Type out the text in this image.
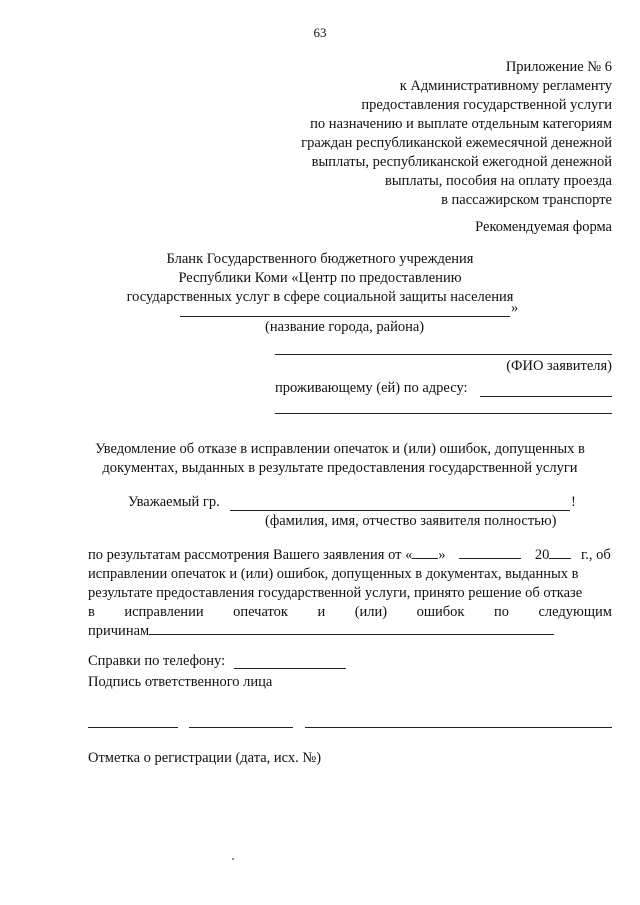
63
Приложение № 6
к Административному регламенту
предоставления государственной услуги
по назначению и выплате отдельным категориям
граждан республиканской ежемесячной денежной
выплаты, республиканской ежегодной денежной
выплаты, пособия на оплату проезда
в пассажирском транспорте
Рекомендуемая форма
Бланк Государственного бюджетного учреждения
Республики Коми «Центр по предоставлению
государственных услуг в сфере социальной защиты населения
»
(название города, района)
(ФИО заявителя)
проживающему (ей) по адресу:
Уведомление об отказе в исправлении опечаток и (или) ошибок, допущенных в
документах, выданных в результате предоставления государственной услуги
Уважаемый гр.	!
(фамилия, имя, отчество заявителя полностью)
по результатам рассмотрения Вашего заявления от « »	20 г., об
исправлении опечаток и (или) ошибок, допущенных в документах, выданных в
результате предоставления государственной услуги, принято решение об отказе
в исправлении опечаток и (или) ошибок по следующим
причинам
Справки по телефону:
Подпись ответственного лица
Отметка о регистрации (дата, исх. №)
